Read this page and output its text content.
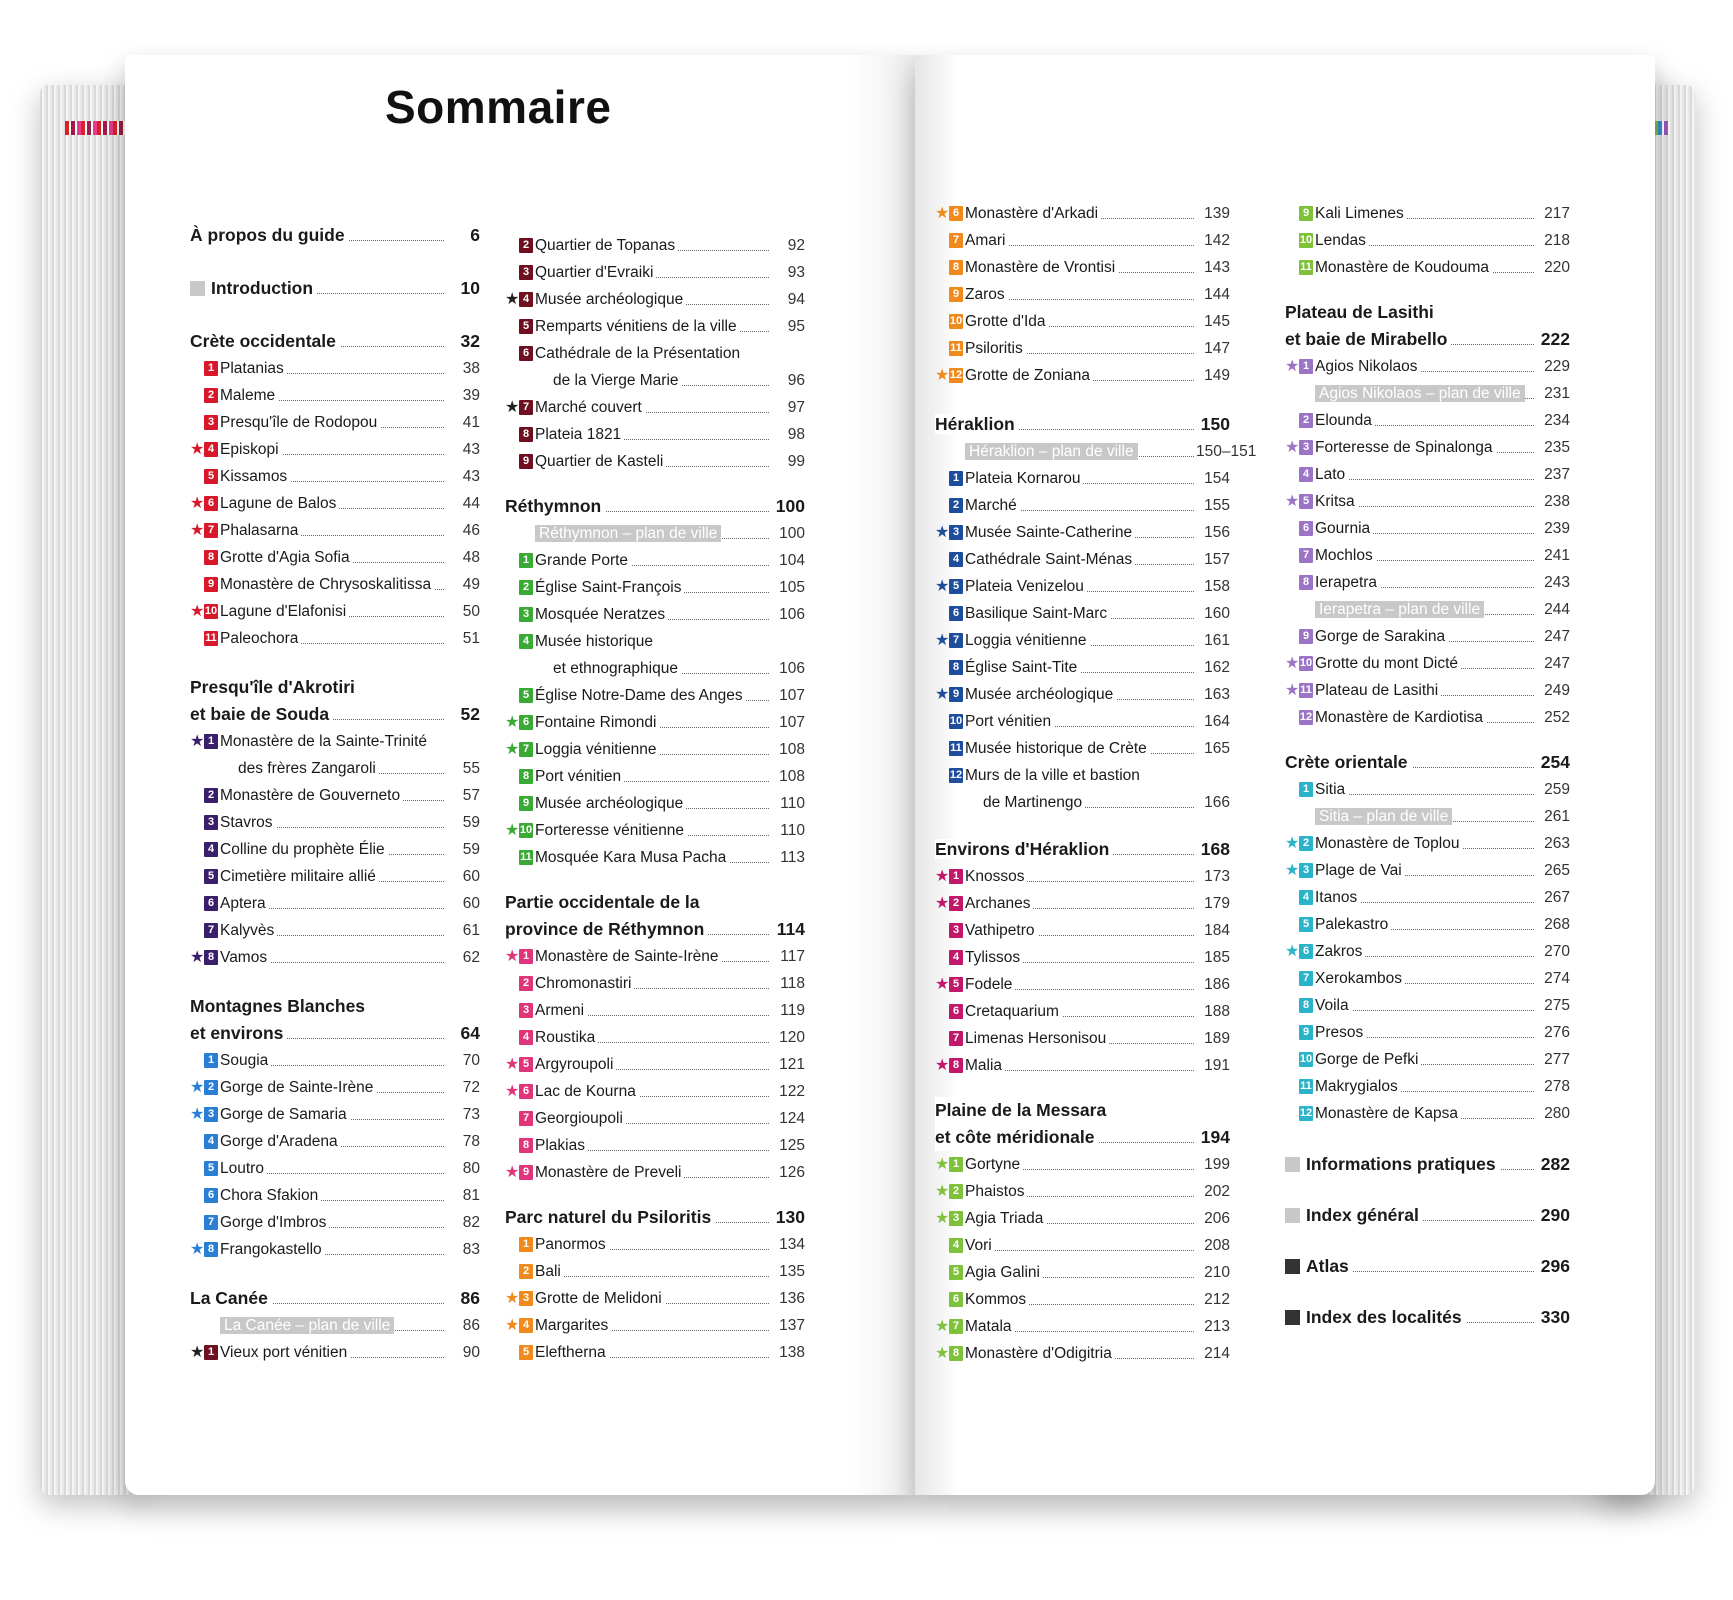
Sommaire
À propos du guide	6
Introduction	10
Crète occidentale	32
1 Platanias	38
2 Maleme	39
3 Presqu'île de Rodopou	41
★ 4 Episkopi	43
5 Kissamos	43
★ 6 Lagune de Balos	44
★ 7 Phalasarna	46
8 Grotte d'Agia Sofia	48
9 Monastère de Chrysoskalitissa	49
★ 10 Lagune d'Elafonisi	50
11 Paleochora	51
Presqu'île d'Akrotiri
et baie de Souda	52
★ 1 Monastère de la Sainte-Trinité
des frères Zangaroli	55
2 Monastère de Gouverneto	57
3 Stavros	59
4 Colline du prophète Élie	59
5 Cimetière militaire allié	60
6 Aptera	60
7 Kalyvès	61
★ 8 Vamos	62
Montagnes Blanches
et environs	64
1 Sougia	70
★ 2 Gorge de Sainte-Irène	72
★ 3 Gorge de Samaria	73
4 Gorge d'Aradena	78
5 Loutro	80
6 Chora Sfakion	81
7 Gorge d'Imbros	82
★ 8 Frangokastello	83
La Canée	86
La Canée – plan de ville	86
★ 1 Vieux port vénitien	90
2 Quartier de Topanas	92
3 Quartier d'Evraiki	93
★ 4 Musée archéologique	94
5 Remparts vénitiens de la ville	95
6 Cathédrale de la Présentation
de la Vierge Marie	96
★ 7 Marché couvert	97
8 Plateia 1821	98
9 Quartier de Kasteli	99
Réthymnon	100
Réthymnon – plan de ville	100
1 Grande Porte	104
2 Église Saint-François	105
3 Mosquée Neratzes	106
4 Musée historique
et ethnographique	106
5 Église Notre-Dame des Anges	107
★ 6 Fontaine Rimondi	107
★ 7 Loggia vénitienne	108
8 Port vénitien	108
9 Musée archéologique	110
★ 10 Forteresse vénitienne	110
11 Mosquée Kara Musa Pacha	113
Partie occidentale de la
province de Réthymnon	114
★ 1 Monastère de Sainte-Irène	117
2 Chromonastiri	118
3 Armeni	119
4 Roustika	120
★ 5 Argyroupoli	121
★ 6 Lac de Kourna	122
7 Georgioupoli	124
8 Plakias	125
★ 9 Monastère de Preveli	126
Parc naturel du Psiloritis	130
1 Panormos	134
2 Bali	135
★ 3 Grotte de Melidoni	136
★ 4 Margarites	137
5 Eleftherna	138
★ 6 Monastère d'Arkadi	139
7 Amari	142
8 Monastère de Vrontisi	143
9 Zaros	144
10 Grotte d'Ida	145
11 Psiloritis	147
★ 12 Grotte de Zoniana	149
Héraklion	150
Héraklion – plan de ville	150–151
1 Plateia Kornarou	154
2 Marché	155
★ 3 Musée Sainte-Catherine	156
4 Cathédrale Saint-Ménas	157
★ 5 Plateia Venizelou	158
6 Basilique Saint-Marc	160
★ 7 Loggia vénitienne	161
8 Église Saint-Tite	162
★ 9 Musée archéologique	163
10 Port vénitien	164
11 Musée historique de Crète	165
12 Murs de la ville et bastion
de Martinengo	166
Environs d'Héraklion	168
★ 1 Knossos	173
★ 2 Archanes	179
3 Vathipetro	184
4 Tylissos	185
★ 5 Fodele	186
6 Cretaquarium	188
7 Limenas Hersonisou	189
★ 8 Malia	191
Plaine de la Messara
et côte méridionale	194
★ 1 Gortyne	199
★ 2 Phaistos	202
★ 3 Agia Triada	206
4 Vori	208
5 Agia Galini	210
6 Kommos	212
★ 7 Matala	213
★ 8 Monastère d'Odigitria	214
9 Kali Limenes	217
10 Lendas	218
11 Monastère de Koudouma	220
Plateau de Lasithi
et baie de Mirabello	222
★ 1 Agios Nikolaos	229
Agios Nikolaos – plan de ville	231
2 Elounda	234
★ 3 Forteresse de Spinalonga	235
4 Lato	237
★ 5 Kritsa	238
6 Gournia	239
7 Mochlos	241
8 Ierapetra	243
Ierapetra – plan de ville	244
9 Gorge de Sarakina	247
★ 10 Grotte du mont Dicté	247
★ 11 Plateau de Lasithi	249
12 Monastère de Kardiotisa	252
Crète orientale	254
1 Sitia	259
Sitia – plan de ville	261
★ 2 Monastère de Toplou	263
★ 3 Plage de Vai	265
4 Itanos	267
5 Palekastro	268
★ 6 Zakros	270
7 Xerokambos	274
8 Voila	275
9 Presos	276
10 Gorge de Pefki	277
11 Makrygialos	278
12 Monastère de Kapsa	280
Informations pratiques	282
Index général	290
Atlas	296
Index des localités	330
